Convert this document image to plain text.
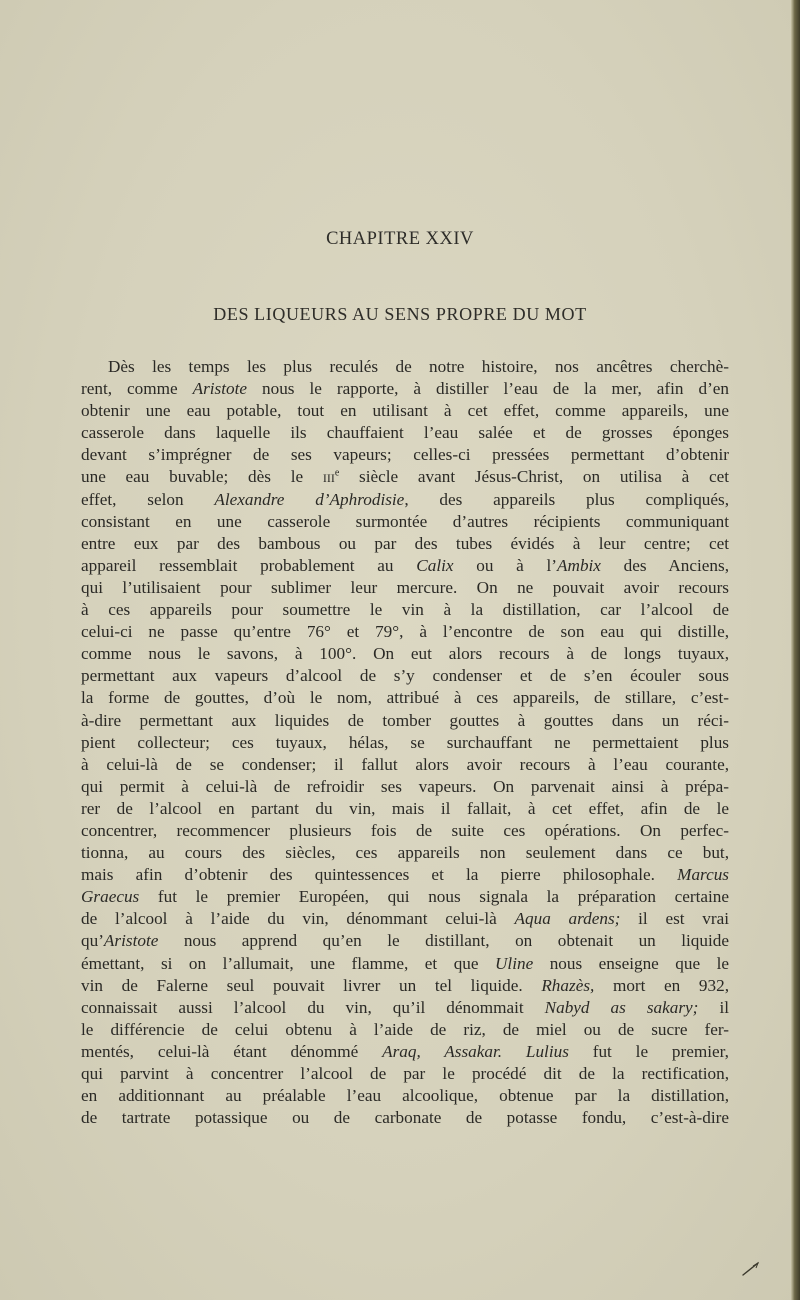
CHAPITRE XXIV
DES LIQUEURS AU SENS PROPRE DU MOT
Dès les temps les plus reculés de notre histoire, nos ancêtres cherchè-
rent, comme Aristote nous le rapporte, à distiller l’eau de la mer, afin d’en
obtenir une eau potable, tout en utilisant à cet effet, comme appareils, une
casserole dans laquelle ils chauffaient l’eau salée et de grosses éponges
devant s’imprégner de ses vapeurs; celles-ci pressées permettant d’obtenir
une eau buvable; dès le iii$^e$ siècle avant Jésus-Christ, on utilisa à cet
effet, selon Alexandre d’Aphrodisie, des appareils plus compliqués,
consistant en une casserole surmontée d’autres récipients communiquant
entre eux par des bambous ou par des tubes évidés à leur centre; cet
appareil ressemblait probablement au Calix ou à l’Ambix des Anciens,
qui l’utilisaient pour sublimer leur mercure. On ne pouvait avoir recours
à ces appareils pour soumettre le vin à la distillation, car l’alcool de
celui-ci ne passe qu’entre 76° et 79°, à l’encontre de son eau qui distille,
comme nous le savons, à 100°. On eut alors recours à de longs tuyaux,
permettant aux vapeurs d’alcool de s’y condenser et de s’en écouler sous
la forme de gouttes, d’où le nom, attribué à ces appareils, de stillare, c’est-
à-dire permettant aux liquides de tomber gouttes à gouttes dans un réci-
pient collecteur; ces tuyaux, hélas, se surchauffant ne permettaient plus
à celui-là de se condenser; il fallut alors avoir recours à l’eau courante,
qui permit à celui-là de refroidir ses vapeurs. On parvenait ainsi à prépa-
rer de l’alcool en partant du vin, mais il fallait, à cet effet, afin de le
concentrer, recommencer plusieurs fois de suite ces opérations. On perfec-
tionna, au cours des siècles, ces appareils non seulement dans ce but,
mais afin d’obtenir des quintessences et la pierre philosophale. Marcus
Graecus fut le premier Européen, qui nous signala la préparation certaine
de l’alcool à l’aide du vin, dénommant celui-là Aqua ardens; il est vrai
qu’Aristote nous apprend qu’en le distillant, on obtenait un liquide
émettant, si on l’allumait, une flamme, et que Uline nous enseigne que le
vin de Falerne seul pouvait livrer un tel liquide. Rhazès, mort en 932,
connaissait aussi l’alcool du vin, qu’il dénommait Nabyd as sakary; il
le différencie de celui obtenu à l’aide de riz, de miel ou de sucre fer-
mentés, celui-là étant dénommé Araq, Assakar. Lulius fut le premier,
qui parvint à concentrer l’alcool de par le procédé dit de la rectification,
en additionnant au préalable l’eau alcoolique, obtenue par la distillation,
de tartrate potassique ou de carbonate de potasse fondu, c’est-à-dire
